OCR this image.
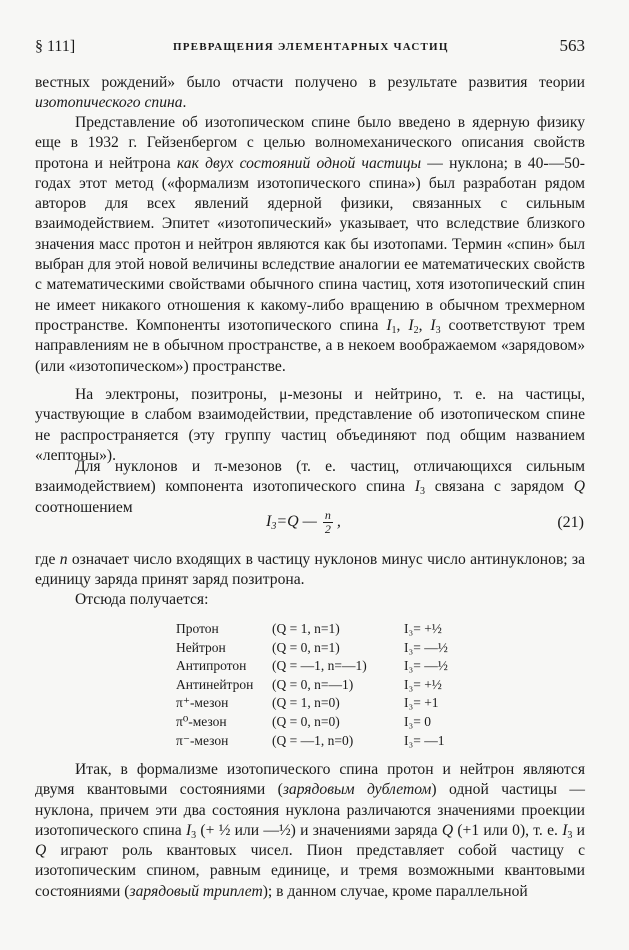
§ 111]	ПРЕВРАЩЕНИЯ ЭЛЕМЕНТАРНЫХ ЧАСТИЦ	563

вестных рождений» было отчасти получено в результате развития теории изотопического спина.

Представление об изотопическом спине было введено в ядерную физику еще в 1932 г. Гейзенбергом с целью волномеханического описания свойств протона и нейтрона как двух состояний одной частицы — нуклона; в 40-—50-годах этот метод («формализм изотопического спина») был разработан рядом авторов для всех явлений ядерной физики, связанных с сильным взаимодействием. Эпитет «изотопический» указывает, что вследствие близкого значения масс протон и нейтрон являются как бы изотопами. Термин «спин» был выбран для этой новой величины вследствие аналогии ее математических свойств с математическими свойствами обычного спина частиц, хотя изотопический спин не имеет никакого отношения к какому-либо вращению в обычном трехмерном пространстве. Компоненты изотопического спина $I_1$, $I_2$, $I_3$ соответствуют трем направлениям не в обычном пространстве, а в некоем воображаемом «зарядовом» (или «изотопическом») пространстве.

На электроны, позитроны, μ-мезоны и нейтрино, т. е. на частицы, участвующие в слабом взаимодействии, представление об изотопическом спине не распространяется (эту группу частиц объединяют под общим названием «лептоны»).

Для нуклонов и π-мезонов (т. е. частиц, отличающихся сильным взаимодействием) компонента изотопического спина $I_3$ связана с зарядом Q соотношением

$I_3=Q$ — $\frac{n}{2}$ ,	(21)

где n означает число входящих в частицу нуклонов минус число антинуклонов; за единицу заряда принят заряд позитрона.

Отсюда получается:

Протон	(Q = 1, n=1)	I₃= +½
Нейтрон	(Q = 0, n=1)	I₃= —½
Антипротон	(Q = —1, n=—1)	I₃= —½
Антинейтрон	(Q = 0, n=—1)	I₃= +½
π⁺-мезон	(Q = 1, n=0)	I₃= +1
π⁰-мезон	(Q = 0, n=0)	I₃= 0
π⁻-мезон	(Q = —1, n=0)	I₃= —1

Итак, в формализме изотопического спина протон и нейтрон являются двумя квантовыми состояниями (зарядовым дублетом) одной частицы — нуклона, причем эти два состояния нуклона различаются значениями проекции изотопического спина $I_3$ (+ ½ или —½) и значениями заряда Q (+1 или 0), т. е. $I_3$ и Q играют роль квантовых чисел. Пион представляет собой частицу с изотопическим спином, равным единице, и тремя возможными квантовыми состояниями (зарядовый триплет); в данном случае, кроме параллельной
